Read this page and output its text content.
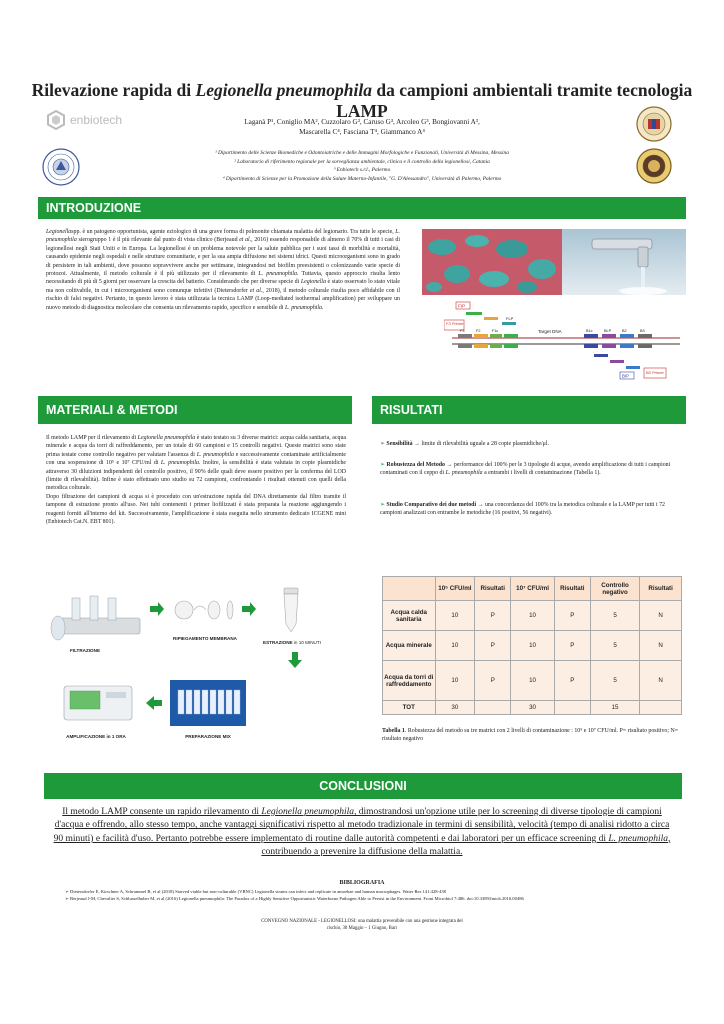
Rilevazione rapida di Legionella pneumophila da campioni ambientali tramite tecnologia LAMP
enbiotech	Laganà P¹, Coniglio MA², Cuzzolaro G³, Caruso G³, Arcoleo G³, Bongiovanni A³,
Mascarella C⁴, Fasciana T⁴, Giammanco A⁴
¹ Dipartimento delle Scienze Biomediche e Odontoiatriche e delle Immagini Morfologiche e Funzionali, Università di Messina, Messina
² Laboratorio di riferimento regionale per la sorveglianza ambientale, clinica e il controllo della legionellosi, Catania
³ Enbiotech s.r.l., Palermo
⁴ Dipartimento di Scienze per la Promozione della Salute Materno-Infantile, "G. D'Alessandro", Università di Palermo, Palermo
INTRODUZIONE
Legionellaspp. è un patogeno opportunista, agente eziologico di una grave forma di polmonite chiamata malattia del legionario. Tra tutte le specie, L. pneumophila sierogruppo 1 è il più rilevante dal punto di vista clinico (Berjeaud et al., 2016) essendo responsabile di almeno il 70% di tutti i casi di legionellosi negli Stati Uniti e in Europa. La legionellosi è un problema notevole per la salute pubblica per i suoi tassi di morbilità e mortalità, causando epidemie negli ospedali e nelle strutture comunitarie, e per la sua ampia diffusione nei sistemi idrici. Questi microorganismi sono in grado di persistere in tali ambienti, dove possono sopravvivere anche per settimane, integrandosi nei biofilm preesistenti o colonizzando varie specie di protozoi. Attualmente, il metodo colturale è il più utilizzato per il rilevamento di L. pneumophila. Tuttavia, questo approccio risulta lento necessitando di più di 5 giorni per osservare la crescita del batterio. Considerando che per diverse specie di Legionella è stato osservato lo stato vitale ma non coltivabile, in cui i microorganismi sono comunque infettivi (Dietersdorfer et al., 2018), il metodo colturale risulta poco affidabile con il rischio di falsi negativi. Pertanto, in questo lavoro è stata utilizzata la tecnica LAMP (Loop-mediated isothermal amplification) per sviluppare un nuovo metodo di diagnostica molecolare che consenta un rilevamento rapido, specifico e sensibile di L. pneumophila.	FIP
FLP
F3 Primer
Target DNA
F3	F2	F1c	B1c	BLP	B2	B3
BIP
B3 Primer
MATERIALI & METODI	RISULTATI
Il metodo LAMP per il rilevamento di Legionella pneumophila è stato testato su 3 diverse matrici: acqua calda sanitaria, acqua minerale e acqua da torri di raffreddamento, per un totale di 60 campioni e 15 controlli negativi. Queste matrici sono state prima testate come controllo negativo per valutare l'assenza di L. pneumophila e successivamente contaminate artificialmente con una sospensione di 10⁵ e 10⁷ CFU/ml di L. pneumophila. Inoltre, la sensibilità è stata valutata in copie plasmidiche attraverso 30 diluizioni indipendenti del controllo positivo, il 90% delle quali deve essere positivo per la conferma del LOD (limite di rilevabilità). Infine è stato effettuato uno studio su 72 campioni, confrontando i risultati ottenuti con quelli della metodica colturale.
Dopo filtrazione dei campioni di acqua si è proceduto con un'estrazione rapida del DNA direttamente dal filtro tramite il tampone di estrazione pronto all'uso. Nei tubi contenenti i primer liofilizzati è stata preparata la reazione aggiungendo i reagenti forniti all'interno del kit. Successivamente, l'amplificazione è stata eseguita nello strumento dedicato ICGENE mini (Enbiotech Cat.N. EBT 801).
FILTRAZIONE
RIPIEGAMENTO MEMBRANA
ESTRAZIONE in 10 MINUTI
AMPLIFICAZIONE in 1 ORA	PREPARAZIONE MIX
➢ Sensibilità → limite di rilevabilità uguale a 28 copie plasmidiche/μl.
➢ Robustezza del Metodo → performance del 100% per le 3 tipologie di acque, avendo amplificazione di tutti i campioni contaminati con il ceppo di L. pneumophila a entrambi i livelli di contaminazione (Tabella 1).
➢ Studio Comparativo dei due metodi → una concordanza del 100% tra la metodica colturale e la LAMP per tutti i 72 campioni analizzati con entrambe le metodiche (16 positivi, 56 negativi).
	10⁵ CFU/ml	Risultati	10⁷ CFU/ml	Risultati	Controllo negativo	Risultati
Acqua calda sanitaria	10	P	10	P	5	N
Acqua minerale	10	P	10	P	5	N
Acqua da torri di raffreddamento	10	P	10	P	5	N
TOT	30		30		15	
Tabella 1. Robustezza del metodo su tre matrici con 2 livelli di contaminazione : 10⁵ e 10⁷ CFU/ml. P= risultato positivo; N= risultato negativo
CONCLUSIONI
Il metodo LAMP consente un rapido rilevamento di Legionella pneumophila, dimostrandosi un'opzione utile per lo screening di diverse tipologie di campioni d'acqua e offrendo, allo stesso tempo, anche vantaggi significativi rispetto al metodo tradizionale in termini di sensibilità, velocità (tempo di analisi ridotto a circa 90 minuti) e facilità d'uso. Pertanto potrebbe essere implementato di routine dalle autorità competenti e dai laboratori per un efficace screening di L. pneumophila, contribuendo a prevenire la diffusione della malattia.
BIBLIOGRAFIA
➢ Dietersdorfer E, Kirschner A, Schrammel B, et al (2018) Starved viable but non-culturable (VBNC) Legionella strains can infect and replicate in amoebae and human macrophages. Water Res 141:428-438
➢ Berjeaud J-M, Chevalier S, Schlusselhuber M, et al (2016) Legionella pneumophila: The Paradox of a Highly Sensitive Opportunistic Waterborne Pathogen Able to Persist in the Environment. Front Microbiol 7:486. doi:10.3389/fmicb.2016.00486
CONVEGNO NAZIONALE - LEGIONELLOSI: una malattia prevenibile con una gestione integrata del
rischio, 30 Maggio – 1 Giugno, Bari
